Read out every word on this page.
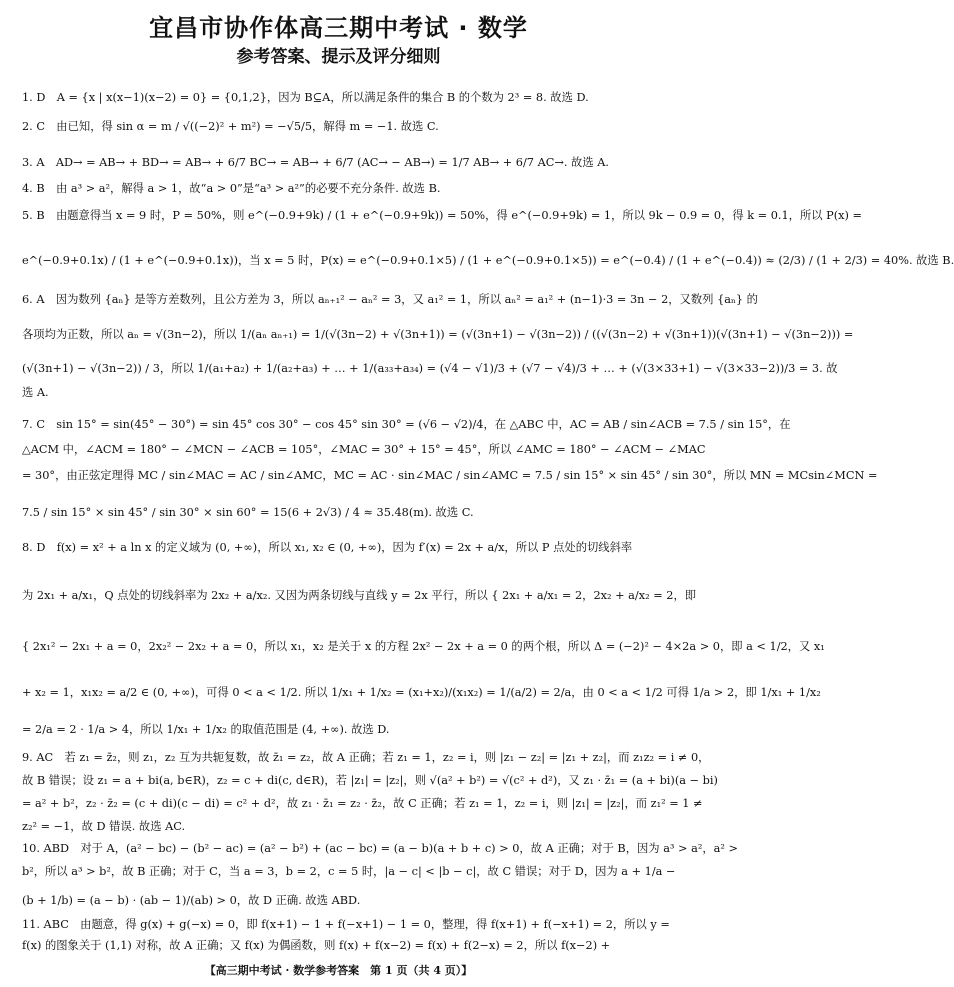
宜昌市协作体高三期中考试 · 数学
参考答案、提示及评分细则
1. D　A = {x | x(x−1)(x−2) = 0} = {0,1,2}，因为 B⊆A，所以满足条件的集合 B 的个数为 2³ = 8. 故选 D.
2. C　由已知，得 sin α = m / √((−2)² + m²) = −√5/5，解得 m = −1. 故选 C.
3. A　AD→ = AB→ + BD→ = AB→ + 6/7 BC→ = AB→ + 6/7 (AC→ − AB→) = 1/7 AB→ + 6/7 AC→. 故选 A.
4. B　由 a³ > a²，解得 a > 1，故“a > 0”是“a³ > a²”的必要不充分条件. 故选 B.
5. B　由题意得当 x = 9 时，P = 50%，则 e^(−0.9+9k) / (1 + e^(−0.9+9k)) = 50%，得 e^(−0.9+9k) = 1，所以 9k − 0.9 = 0，得 k = 0.1，所以 P(x) =
e^(−0.9+0.1x) / (1 + e^(−0.9+0.1x))，当 x = 5 时，P(x) = e^(−0.9+0.1×5) / (1 + e^(−0.9+0.1×5)) = e^(−0.4) / (1 + e^(−0.4)) ≈ (2/3) / (1 + 2/3) = 40%. 故选 B.
6. A　因为数列 {aₙ} 是等方差数列，且公方差为 3，所以 aₙ₊₁² − aₙ² = 3，又 a₁² = 1，所以 aₙ² = a₁² + (n−1)·3 = 3n − 2，又数列 {aₙ} 的
各项均为正数，所以 aₙ = √(3n−2)，所以 1/(aₙ aₙ₊₁) = 1/(√(3n−2) + √(3n+1)) = (√(3n+1) − √(3n−2)) / ((√(3n−2) + √(3n+1))(√(3n+1) − √(3n−2))) =
(√(3n+1) − √(3n−2)) / 3，所以 1/(a₁+a₂) + 1/(a₂+a₃) + … + 1/(a₃₃+a₃₄) = (√4 − √1)/3 + (√7 − √4)/3 + … + (√(3×33+1) − √(3×33−2))/3 = 3. 故
选 A.
7. C　sin 15° = sin(45° − 30°) = sin 45° cos 30° − cos 45° sin 30° = (√6 − √2)/4，在 △ABC 中，AC = AB / sin∠ACB = 7.5 / sin 15°，在
△ACM 中，∠ACM = 180° − ∠MCN − ∠ACB = 105°，∠MAC = 30° + 15° = 45°，所以 ∠AMC = 180° − ∠ACM − ∠MAC
= 30°，由正弦定理得 MC / sin∠MAC = AC / sin∠AMC，MC = AC · sin∠MAC / sin∠AMC = 7.5 / sin 15° × sin 45° / sin 30°，所以 MN = MCsin∠MCN =
7.5 / sin 15° × sin 45° / sin 30° × sin 60° = 15(6 + 2√3) / 4 ≈ 35.48(m). 故选 C.
8. D　f(x) = x² + a ln x 的定义域为 (0, +∞)，所以 x₁, x₂ ∈ (0, +∞)，因为 f′(x) = 2x + a/x，所以 P 点处的切线斜率
为 2x₁ + a/x₁，Q 点处的切线斜率为 2x₂ + a/x₂. 又因为两条切线与直线 y = 2x 平行，所以 { 2x₁ + a/x₁ = 2，2x₂ + a/x₂ = 2，即
{ 2x₁² − 2x₁ + a = 0，2x₂² − 2x₂ + a = 0，所以 x₁，x₂ 是关于 x 的方程 2x² − 2x + a = 0 的两个根，所以 Δ = (−2)² − 4×2a > 0，即 a < 1/2，又 x₁
+ x₂ = 1，x₁x₂ = a/2 ∈ (0, +∞)，可得 0 < a < 1/2. 所以 1/x₁ + 1/x₂ = (x₁+x₂)/(x₁x₂) = 1/(a/2) = 2/a，由 0 < a < 1/2 可得 1/a > 2，即 1/x₁ + 1/x₂
= 2/a = 2 · 1/a > 4，所以 1/x₁ + 1/x₂ 的取值范围是 (4, +∞). 故选 D.
9. AC　若 z₁ = z̄₂，则 z₁，z₂ 互为共轭复数，故 z̄₁ = z₂，故 A 正确；若 z₁ = 1，z₂ = i，则 |z₁ − z₂| = |z₁ + z₂|，而 z₁z₂ = i ≠ 0，
故 B 错误；设 z₁ = a + bi(a, b∈R)，z₂ = c + di(c, d∈R)，若 |z₁| = |z₂|，则 √(a² + b²) = √(c² + d²)，又 z₁ · z̄₁ = (a + bi)(a − bi)
= a² + b²，z₂ · z̄₂ = (c + di)(c − di) = c² + d²，故 z₁ · z̄₁ = z₂ · z̄₂，故 C 正确；若 z₁ = 1，z₂ = i，则 |z₁| = |z₂|，而 z₁² = 1 ≠
z₂² = −1，故 D 错误. 故选 AC.
10. ABD　对于 A，(a² − bc) − (b² − ac) = (a² − b²) + (ac − bc) = (a − b)(a + b + c) > 0，故 A 正确；对于 B，因为 a³ > a²，a² >
b²，所以 a³ > b²，故 B 正确；对于 C，当 a = 3，b = 2，c = 5 时，|a − c| < |b − c|，故 C 错误；对于 D，因为 a + 1/a −
(b + 1/b) = (a − b) · (ab − 1)/(ab) > 0，故 D 正确. 故选 ABD.
11. ABC　由题意，得 g(x) + g(−x) = 0，即 f(x+1) − 1 + f(−x+1) − 1 = 0，整理，得 f(x+1) + f(−x+1) = 2，所以 y =
f(x) 的图象关于 (1,1) 对称，故 A 正确；又 f(x) 为偶函数，则 f(x) + f(x−2) = f(x) + f(2−x) = 2，所以 f(x−2) +
【高三期中考试 · 数学参考答案　第 1 页（共 4 页）】
